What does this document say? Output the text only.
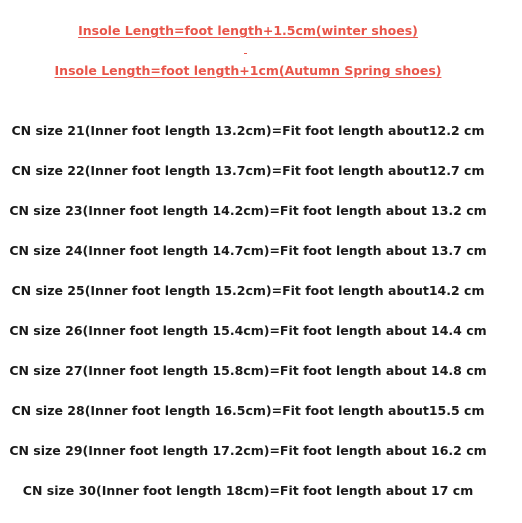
Insole Length=foot length+1.5cm(winter shoes)
Insole Length=foot length+1cm(Autumn Spring shoes)
CN size 21(Inner foot length 13.2cm)=Fit foot length about12.2 cm
CN size 22(Inner foot length 13.7cm)=Fit foot length about12.7 cm
CN size 23(Inner foot length 14.2cm)=Fit foot length about 13.2 cm
CN size 24(Inner foot length 14.7cm)=Fit foot length about 13.7 cm
CN size 25(Inner foot length 15.2cm)=Fit foot length about14.2 cm
CN size 26(Inner foot length 15.4cm)=Fit foot length about 14.4 cm
CN size 27(Inner foot length 15.8cm)=Fit foot length about 14.8 cm
CN size 28(Inner foot length 16.5cm)=Fit foot length about15.5 cm
CN size 29(Inner foot length 17.2cm)=Fit foot length about 16.2 cm
CN size 30(Inner foot length 18cm)=Fit foot length about 17 cm
